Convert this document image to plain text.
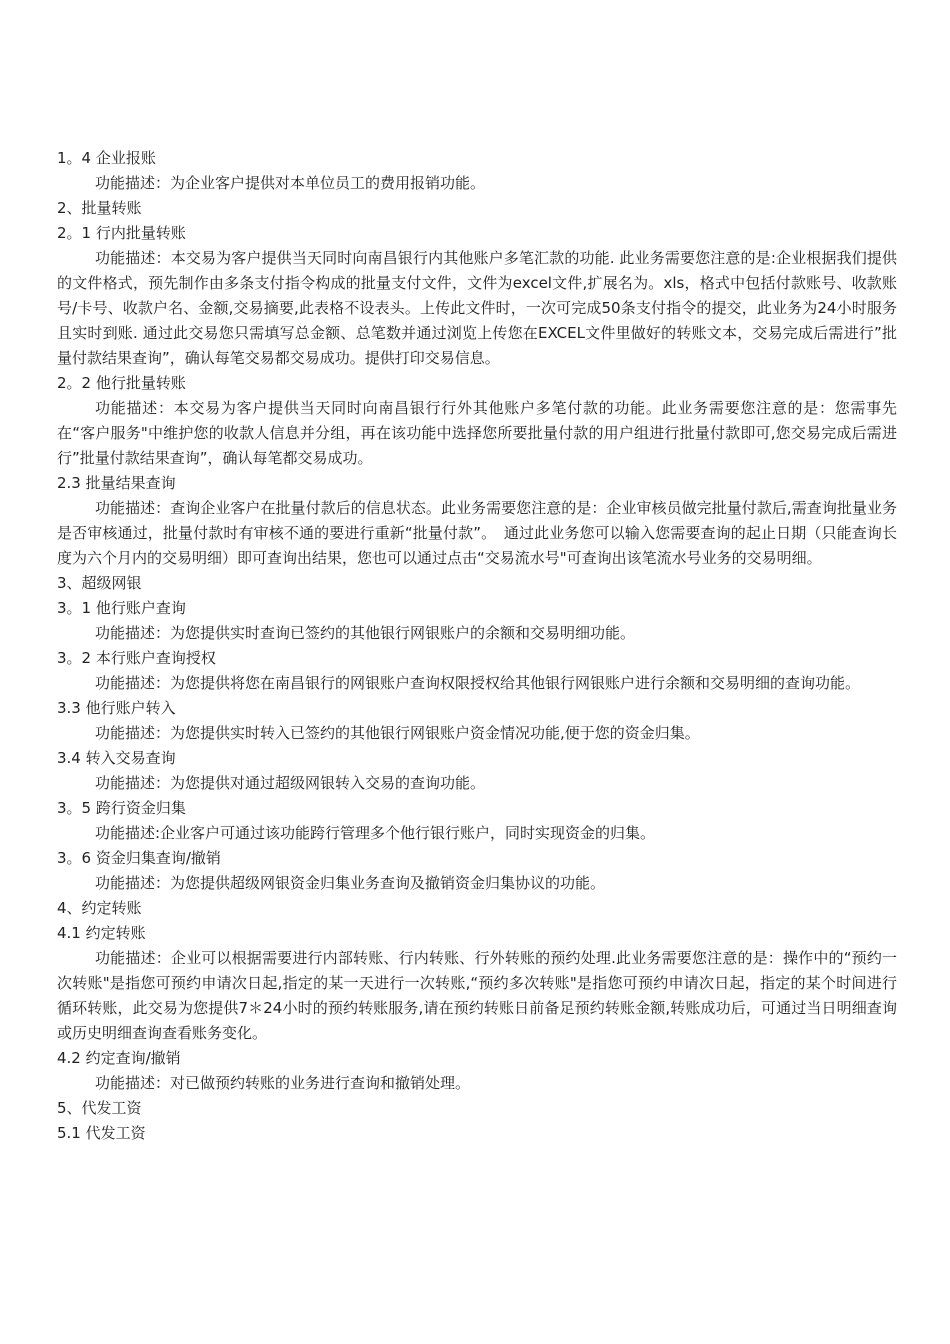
1。4 企业报账

功能描述：为企业客户提供对本单位员工的费用报销功能。

2、批量转账

2。1 行内批量转账

功能描述：本交易为客户提供当天同时向南昌银行内其他账户多笔汇款的功能. 此业务需要您注意的是:企业根据我们提供的文件格式，预先制作由多条支付指令构成的批量支付文件，文件为excel文件,扩展名为。xls，格式中包括付款账号、收款账号/卡号、收款户名、金额,交易摘要,此表格不设表头。上传此文件时，一次可完成50条支付指令的提交，此业务为24小时服务且实时到账. 通过此交易您只需填写总金额、总笔数并通过浏览上传您在EXCEL文件里做好的转账文本，交易完成后需进行”批量付款结果查询”，确认每笔交易都交易成功。提供打印交易信息。

2。2 他行批量转账

功能描述：本交易为客户提供当天同时向南昌银行行外其他账户多笔付款的功能。此业务需要您注意的是：您需事先在“客户服务"中维护您的收款人信息并分组，再在该功能中选择您所要批量付款的用户组进行批量付款即可,您交易完成后需进行”批量付款结果查询”，确认每笔都交易成功。

2.3 批量结果查询

功能描述：查询企业客户在批量付款后的信息状态。此业务需要您注意的是：企业审核员做完批量付款后,需查询批量业务是否审核通过，批量付款时有审核不通的要进行重新“批量付款”。　通过此业务您可以输入您需要查询的起止日期（只能查询长度为六个月内的交易明细）即可查询出结果，您也可以通过点击“交易流水号"可查询出该笔流水号业务的交易明细。

3、超级网银

3。1 他行账户查询

功能描述：为您提供实时查询已签约的其他银行网银账户的余额和交易明细功能。

3。2 本行账户查询授权

功能描述：为您提供将您在南昌银行的网银账户查询权限授权给其他银行网银账户进行余额和交易明细的查询功能。

3.3 他行账户转入

功能描述：为您提供实时转入已签约的其他银行网银账户资金情况功能,便于您的资金归集。

3.4 转入交易查询

功能描述：为您提供对通过超级网银转入交易的查询功能。

3。5 跨行资金归集

功能描述:企业客户可通过该功能跨行管理多个他行银行账户，同时实现资金的归集。

3。6 资金归集查询/撤销

功能描述：为您提供超级网银资金归集业务查询及撤销资金归集协议的功能。

4、约定转账

4.1 约定转账

功能描述：企业可以根据需要进行内部转账、行内转账、行外转账的预约处理.此业务需要您注意的是：操作中的“预约一次转账"是指您可预约申请次日起,指定的某一天进行一次转账,“预约多次转账"是指您可预约申请次日起，指定的某个时间进行循环转账，此交易为您提供7＊24小时的预约转账服务,请在预约转账日前备足预约转账金额,转账成功后，可通过当日明细查询或历史明细查询查看账务变化。

4.2 约定查询/撤销

功能描述：对已做预约转账的业务进行查询和撤销处理。

5、代发工资

5.1 代发工资
